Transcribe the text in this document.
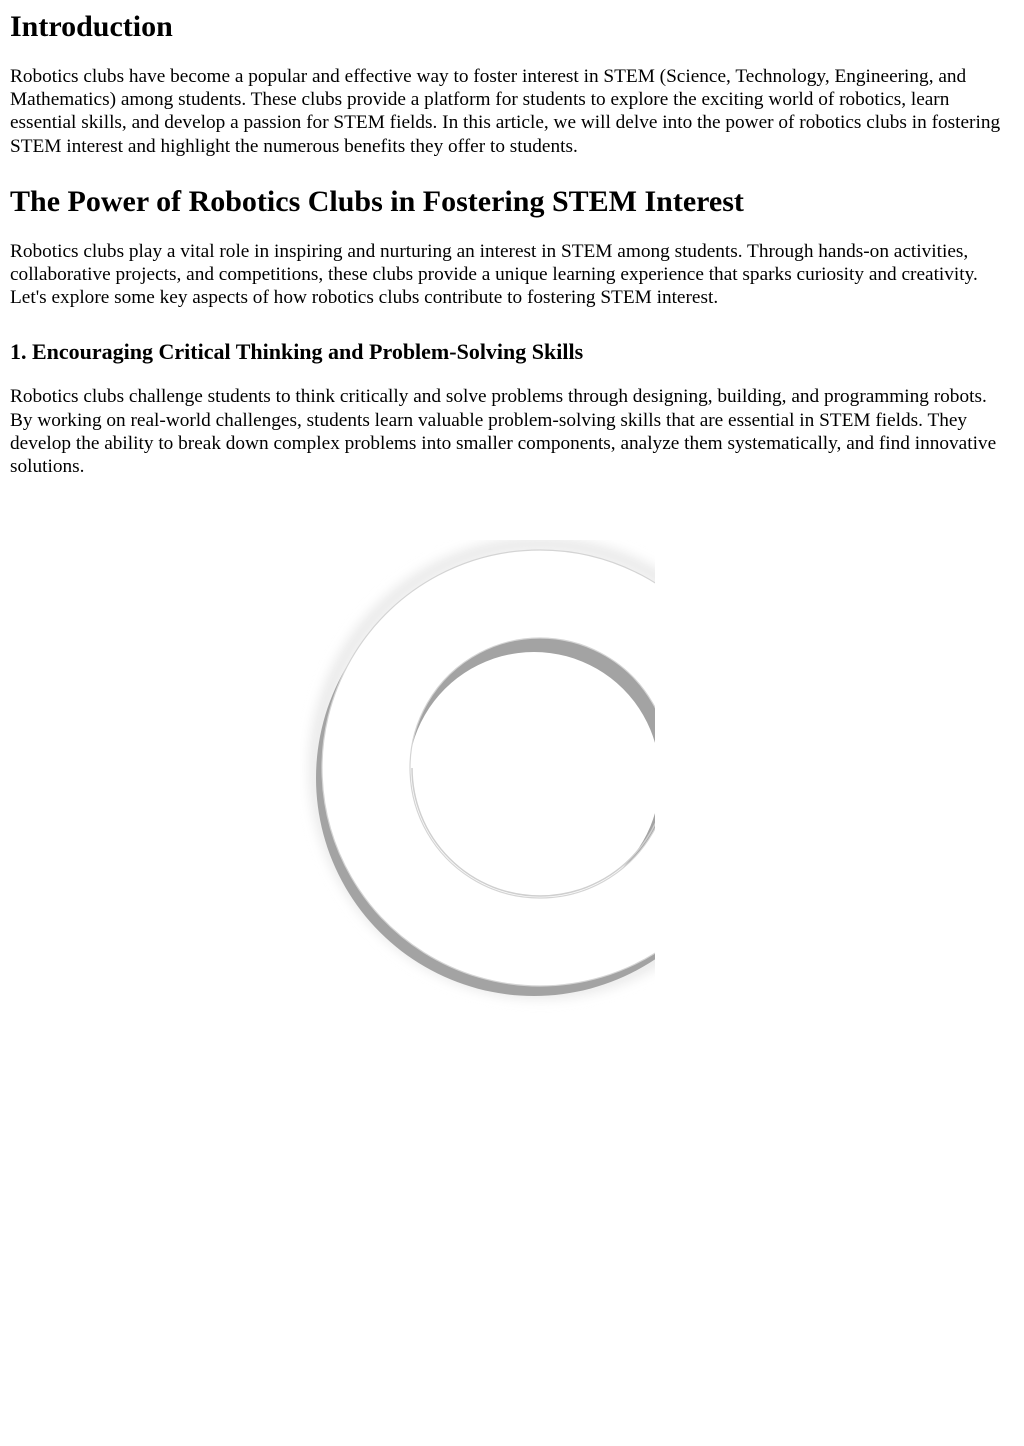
Introduction

Robotics clubs have become a popular and effective way to foster interest in STEM (Science, Technology, Engineering, and Mathematics) among students. These clubs provide a platform for students to explore the exciting world of robotics, learn essential skills, and develop a passion for STEM fields. In this article, we will delve into the power of robotics clubs in fostering STEM interest and highlight the numerous benefits they offer to students.

The Power of Robotics Clubs in Fostering STEM Interest

Robotics clubs play a vital role in inspiring and nurturing an interest in STEM among students. Through hands-on activities, collaborative projects, and competitions, these clubs provide a unique learning experience that sparks curiosity and creativity. Let's explore some key aspects of how robotics clubs contribute to fostering STEM interest.

1. Encouraging Critical Thinking and Problem-Solving Skills

Robotics clubs challenge students to think critically and solve problems through designing, building, and programming robots. By working on real-world challenges, students learn valuable problem-solving skills that are essential in STEM fields. They develop the ability to break down complex problems into smaller components, analyze them systematically, and find innovative solutions.
